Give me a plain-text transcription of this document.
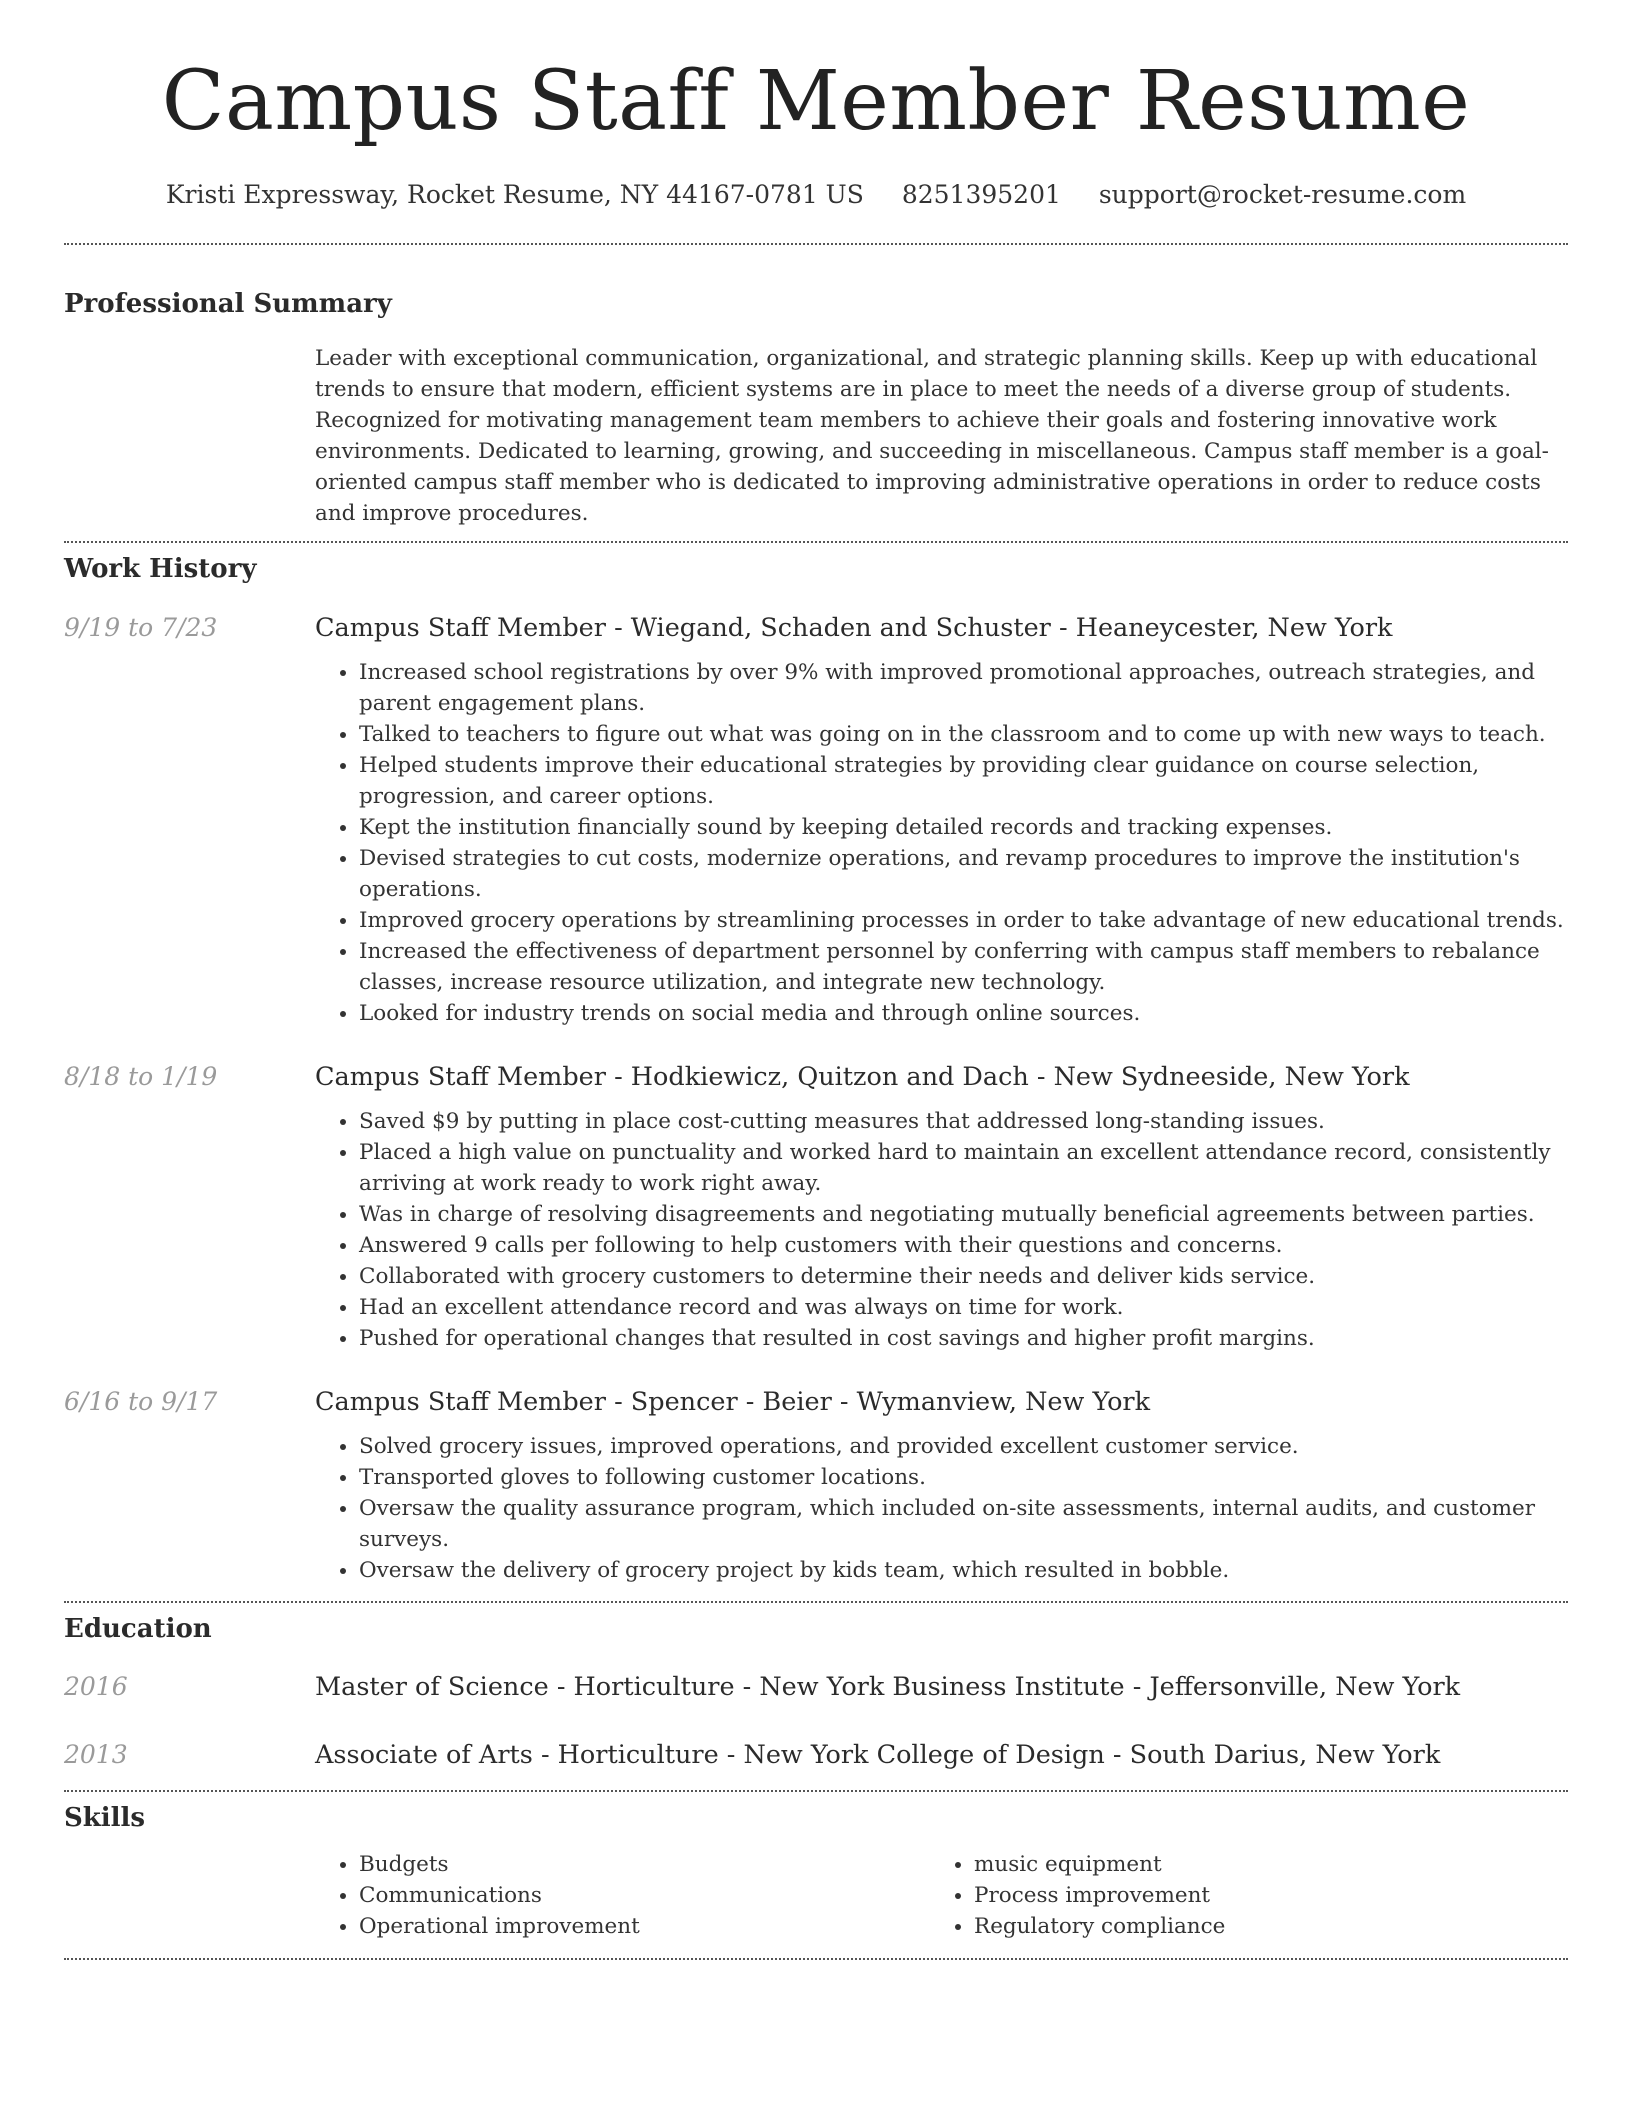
Campus Staff Member Resume
Kristi Expressway, Rocket Resume, NY 44167-0781 US 8251395201 support@rocket-resume.com
Professional Summary
Leader with exceptional communication, organizational, and strategic planning skills. Keep up with educational trends to ensure that modern, efficient systems are in place to meet the needs of a diverse group of students. Recognized for motivating management team members to achieve their goals and fostering innovative work environments. Dedicated to learning, growing, and succeeding in miscellaneous. Campus staff member is a goal-oriented campus staff member who is dedicated to improving administrative operations in order to reduce costs and improve procedures.
Work History
9/19 to 7/23	Campus Staff Member - Wiegand, Schaden and Schuster - Heaneycester, New York
• Increased school registrations by over 9% with improved promotional approaches, outreach strategies, and parent engagement plans.
• Talked to teachers to figure out what was going on in the classroom and to come up with new ways to teach.
• Helped students improve their educational strategies by providing clear guidance on course selection, progression, and career options.
• Kept the institution financially sound by keeping detailed records and tracking expenses.
• Devised strategies to cut costs, modernize operations, and revamp procedures to improve the institution's operations.
• Improved grocery operations by streamlining processes in order to take advantage of new educational trends.
• Increased the effectiveness of department personnel by conferring with campus staff members to rebalance classes, increase resource utilization, and integrate new technology.
• Looked for industry trends on social media and through online sources.
8/18 to 1/19	Campus Staff Member - Hodkiewicz, Quitzon and Dach - New Sydneeside, New York
• Saved $9 by putting in place cost-cutting measures that addressed long-standing issues.
• Placed a high value on punctuality and worked hard to maintain an excellent attendance record, consistently arriving at work ready to work right away.
• Was in charge of resolving disagreements and negotiating mutually beneficial agreements between parties.
• Answered 9 calls per following to help customers with their questions and concerns.
• Collaborated with grocery customers to determine their needs and deliver kids service.
• Had an excellent attendance record and was always on time for work.
• Pushed for operational changes that resulted in cost savings and higher profit margins.
6/16 to 9/17	Campus Staff Member - Spencer - Beier - Wymanview, New York
• Solved grocery issues, improved operations, and provided excellent customer service.
• Transported gloves to following customer locations.
• Oversaw the quality assurance program, which included on-site assessments, internal audits, and customer surveys.
• Oversaw the delivery of grocery project by kids team, which resulted in bobble.
Education
2016	Master of Science - Horticulture - New York Business Institute - Jeffersonville, New York
2013	Associate of Arts - Horticulture - New York College of Design - South Darius, New York
Skills
• Budgets
• Communications
• Operational improvement
• music equipment
• Process improvement
• Regulatory compliance
